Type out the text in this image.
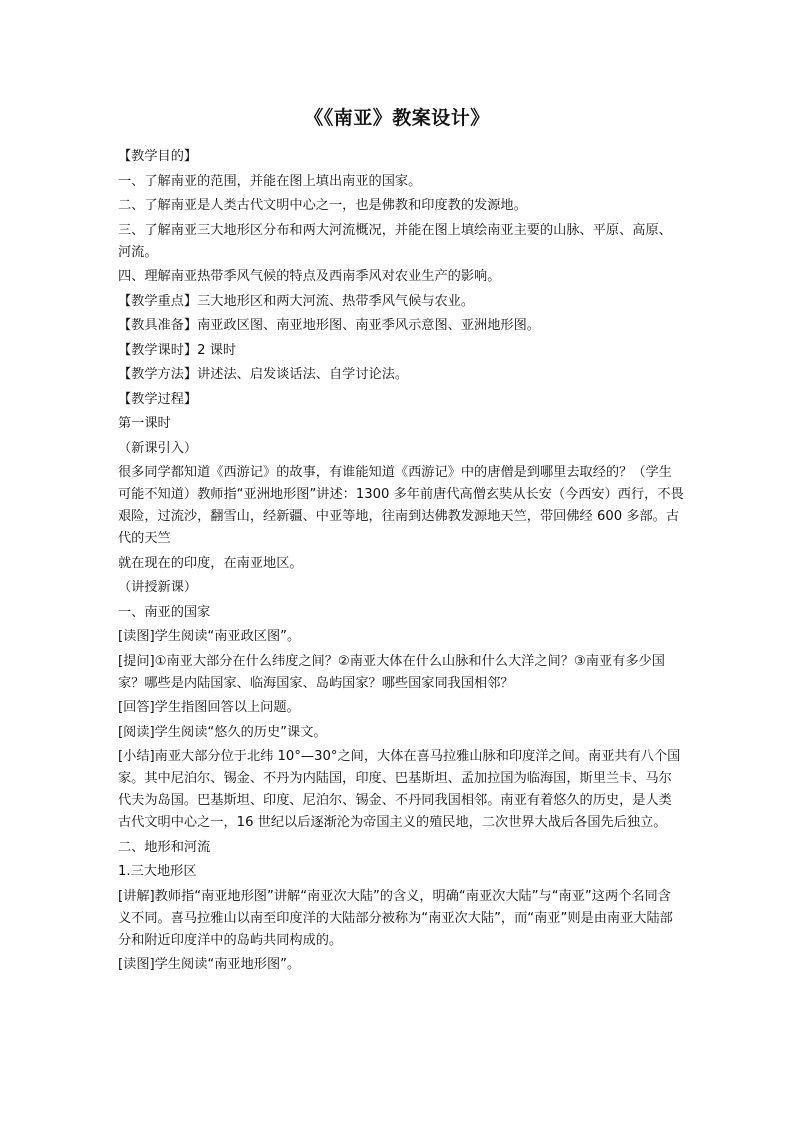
《《南亚》教案设计》

【教学目的】

一、了解南亚的范围，并能在图上填出南亚的国家。

二、了解南亚是人类古代文明中心之一，也是佛教和印度教的发源地。

三、了解南亚三大地形区分布和两大河流概况，并能在图上填绘南亚主要的山脉、平原、高原、河流。

四、理解南亚热带季风气候的特点及西南季风对农业生产的影响。

【教学重点】三大地形区和两大河流、热带季风气候与农业。

【教具准备】南亚政区图、南亚地形图、南亚季风示意图、亚洲地形图。

【教学课时】2 课时

【教学方法】讲述法、启发谈话法、自学讨论法。

【教学过程】

第一课时

（新课引入）

很多同学都知道《西游记》的故事，有谁能知道《西游记》中的唐僧是到哪里去取经的？（学生可能不知道）教师指“亚洲地形图”讲述：1300 多年前唐代高僧玄奘从长安（今西安）西行，不畏艰险，过流沙，翻雪山，经新疆、中亚等地，往南到达佛教发源地天竺，带回佛经 600 多部。古代的天竺

就在现在的印度，在南亚地区。

（讲授新课）

一、南亚的国家

[读图]学生阅读“南亚政区图”。

[提问]①南亚大部分在什么纬度之间？②南亚大体在什么山脉和什么大洋之间？③南亚有多少国家？哪些是内陆国家、临海国家、岛屿国家？哪些国家同我国相邻？

[回答]学生指图回答以上问题。

[阅读]学生阅读“悠久的历史”课文。

[小结]南亚大部分位于北纬 10°—30°之间，大体在喜马拉雅山脉和印度洋之间。南亚共有八个国家。其中尼泊尔、锡金、不丹为内陆国，印度、巴基斯坦、孟加拉国为临海国，斯里兰卡、马尔代夫为岛国。巴基斯坦、印度、尼泊尔、锡金、不丹同我国相邻。南亚有着悠久的历史，是人类古代文明中心之一，16 世纪以后逐渐沦为帝国主义的殖民地，二次世界大战后各国先后独立。

二、地形和河流

1.三大地形区

[讲解]教师指“南亚地形图”讲解“南亚次大陆”的含义，明确“南亚次大陆”与“南亚”这两个名同含义不同。喜马拉雅山以南至印度洋的大陆部分被称为“南亚次大陆”，而“南亚”则是由南亚大陆部分和附近印度洋中的岛屿共同构成的。

[读图]学生阅读“南亚地形图”。
